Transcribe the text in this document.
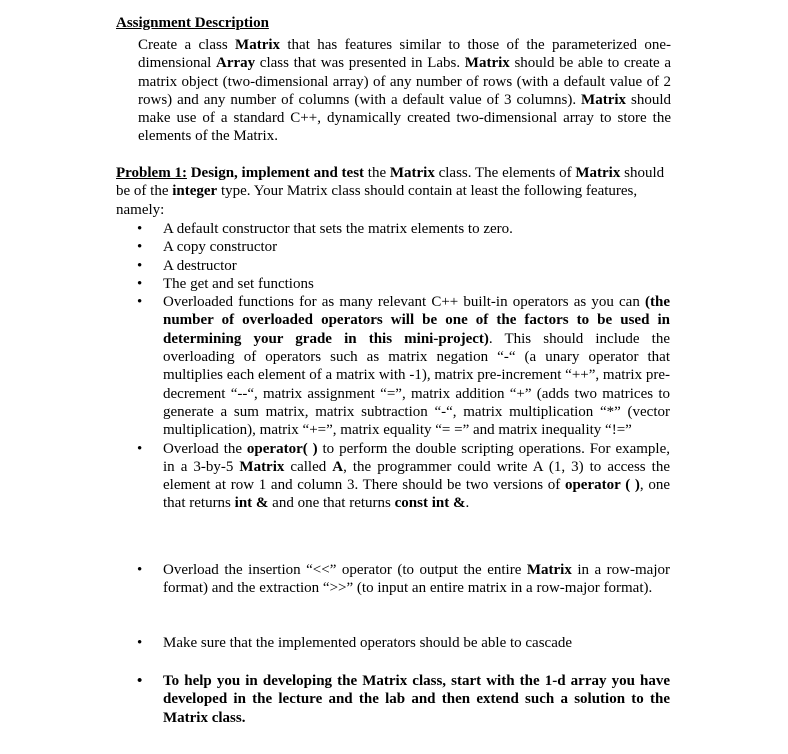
Assignment Description

Create a class Matrix that has features similar to those of the parameterized one-dimensional Array class that was presented in Labs. Matrix should be able to create a matrix object (two-dimensional array) of any number of rows (with a default value of 2 rows) and any number of columns (with a default value of 3 columns). Matrix should make use of a standard C++, dynamically created two-dimensional array to store the elements of the Matrix.

Problem 1: Design, implement and test the Matrix class. The elements of Matrix should be of the integer type. Your Matrix class should contain at least the following features, namely:

•	A default constructor that sets the matrix elements to zero.
•	A copy constructor
•	A destructor
•	The get and set functions
•	Overloaded functions for as many relevant C++ built-in operators as you can (the number of overloaded operators will be one of the factors to be used in determining your grade in this mini-project). This should include the overloading of operators such as matrix negation “-“ (a unary operator that multiplies each element of a matrix with -1), matrix pre-increment “++”, matrix pre-decrement “--“, matrix assignment “=”, matrix addition “+” (adds two matrices to generate a sum matrix, matrix subtraction “-“, matrix multiplication “*” (vector multiplication), matrix “+=”, matrix equality “= =” and matrix inequality “!=”
•	Overload the operator( ) to perform the double scripting operations. For example, in a 3-by-5 Matrix called A, the programmer could write A (1, 3) to access the element at row 1 and column 3. There should be two versions of operator ( ), one that returns int & and one that returns const int &.
•	Overload the insertion “<<” operator (to output the entire Matrix in a row-major format) and the extraction “>>” (to input an entire matrix in a row-major format).
•	Make sure that the implemented operators should be able to cascade
•	To help you in developing the Matrix class, start with the 1-d array you have developed in the lecture and the lab and then extend such a solution to the Matrix class.
